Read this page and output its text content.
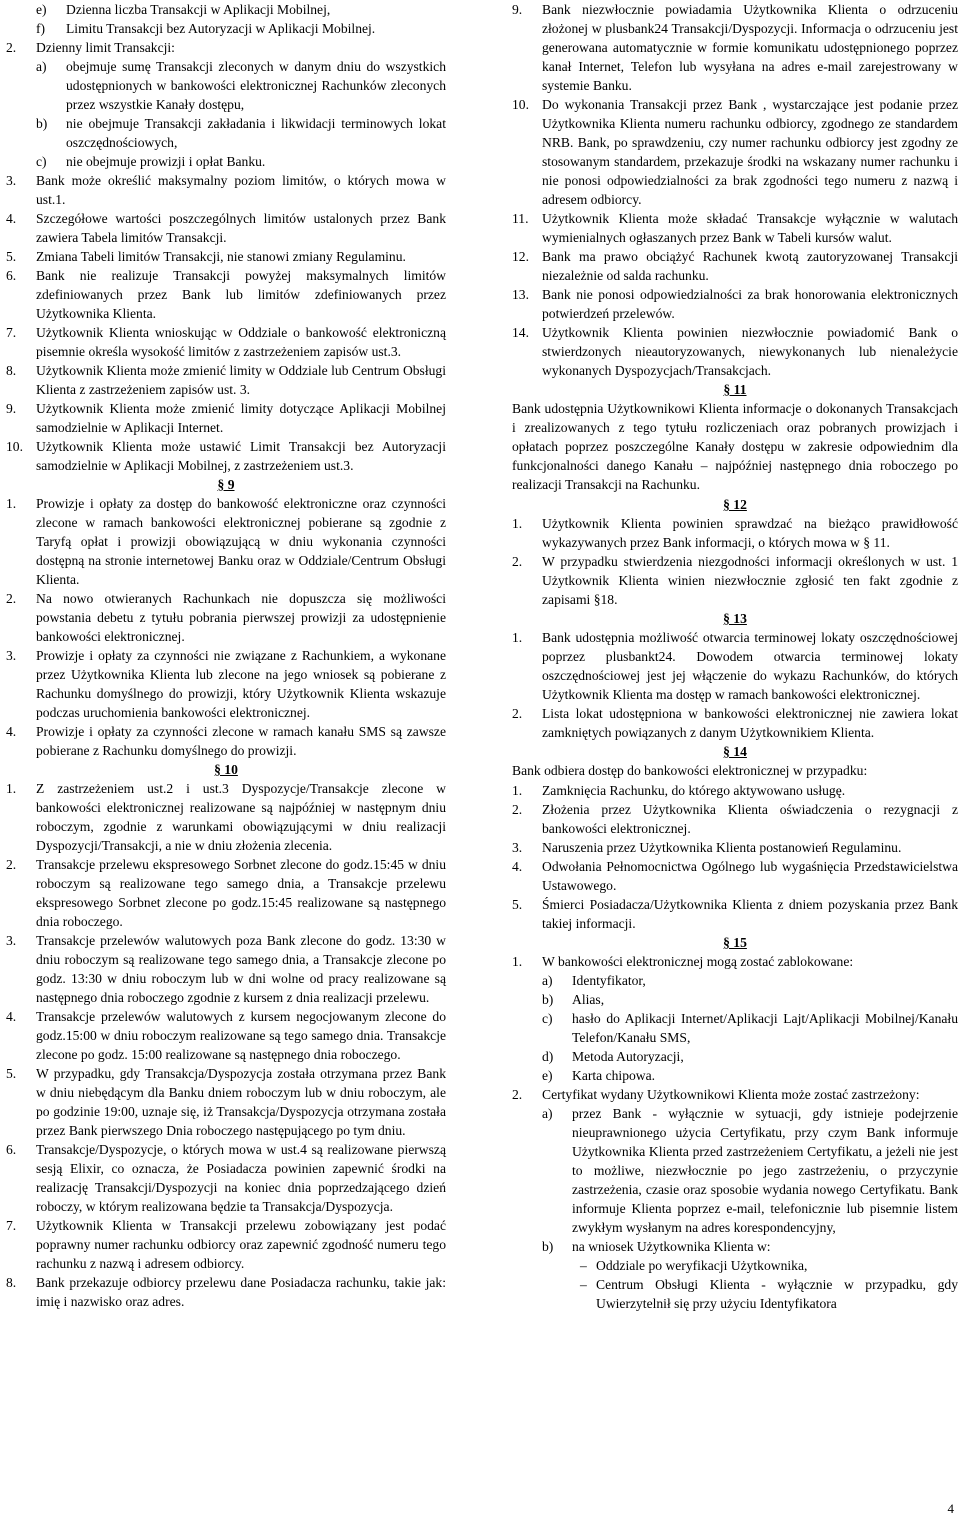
e) Dzienna liczba Transakcji w Aplikacji Mobilnej,
f) Limitu Transakcji bez Autoryzacji w Aplikacji Mobilnej.
2. Dzienny limit Transakcji:
a) obejmuje sumę Transakcji zleconych w danym dniu do wszystkich udostępnionych w bankowości elektronicznej Rachunków zleconych przez wszystkie Kanały dostępu,
b) nie obejmuje Transakcji zakładania i likwidacji terminowych lokat oszczędnościowych,
c) nie obejmuje prowizji i opłat Banku.
3. Bank może określić maksymalny poziom limitów, o których mowa w ust.1.
4. Szczegółowe wartości poszczególnych limitów ustalonych przez Bank zawiera Tabela limitów Transakcji.
5. Zmiana Tabeli limitów Transakcji, nie stanowi zmiany Regulaminu.
6. Bank nie realizuje Transakcji powyżej maksymalnych limitów zdefiniowanych przez Bank lub limitów zdefiniowanych przez Użytkownika Klienta.
7. Użytkownik Klienta wnioskując w Oddziale o bankowość elektroniczną pisemnie określa wysokość limitów z zastrzeżeniem zapisów ust.3.
8. Użytkownik Klienta może zmienić limity w Oddziale lub Centrum Obsługi Klienta z zastrzeżeniem zapisów ust. 3.
9. Użytkownik Klienta może zmienić limity dotyczące Aplikacji Mobilnej samodzielnie w Aplikacji Internet.
10. Użytkownik Klienta może ustawić Limit Transakcji bez Autoryzacji samodzielnie w Aplikacji Mobilnej, z zastrzeżeniem ust.3.
§ 9
1. Prowizje i opłaty za dostęp do bankowość elektroniczne oraz czynności zlecone w ramach bankowości elektronicznej pobierane są zgodnie z Taryfą opłat i prowizji obowiązującą w dniu wykonania czynności dostępną na stronie internetowej Banku oraz w Oddziale/Centrum Obsługi Klienta.
2. Na nowo otwieranych Rachunkach nie dopuszcza się możliwości powstania debetu z tytułu pobrania pierwszej prowizji za udostępnienie bankowości elektronicznej.
3. Prowizje i opłaty za czynności nie związane z Rachunkiem, a wykonane przez Użytkownika Klienta lub zlecone na jego wniosek są pobierane z Rachunku domyślnego do prowizji, który Użytkownik Klienta wskazuje podczas uruchomienia bankowości elektronicznej.
4. Prowizje i opłaty za czynności zlecone w ramach kanału SMS są zawsze pobierane z Rachunku domyślnego do prowizji.
§ 10
1. Z zastrzeżeniem ust.2 i ust.3 Dyspozycje/Transakcje zlecone w bankowości elektronicznej realizowane są najpóźniej w następnym dniu roboczym, zgodnie z warunkami obowiązującymi w dniu realizacji Dyspozycji/Transakcji, a nie w dniu złożenia zlecenia.
2. Transakcje przelewu ekspresowego Sorbnet zlecone do godz.15:45 w dniu roboczym są realizowane tego samego dnia, a Transakcje przelewu ekspresowego Sorbnet zlecone po godz.15:45 realizowane są następnego dnia roboczego.
3. Transakcje przelewów walutowych poza Bank zlecone do godz. 13:30 w dniu roboczym są realizowane tego samego dnia, a Transakcje zlecone po godz. 13:30 w dniu roboczym lub w dni wolne od pracy realizowane są następnego dnia roboczego zgodnie z kursem z dnia realizacji przelewu.
4. Transakcje przelewów walutowych z kursem negocjowanym zlecone do godz.15:00 w dniu roboczym realizowane są tego samego dnia. Transakcje zlecone po godz. 15:00 realizowane są następnego dnia roboczego.
5. W przypadku, gdy Transakcja/Dyspozycja została otrzymana przez Bank w dniu niebędącym dla Banku dniem roboczym lub w dniu roboczym, ale po godzinie 19:00, uznaje się, iż Transakcja/Dyspozycja otrzymana została przez Bank pierwszego Dnia roboczego następującego po tym dniu.
6. Transakcje/Dyspozycje, o których mowa w ust.4 są realizowane pierwszą sesją Elixir, co oznacza, że Posiadacza powinien zapewnić środki na realizację Transakcji/Dyspozycji na koniec dnia poprzedzającego dzień roboczy, w którym realizowana będzie ta Transakcja/Dyspozycja.
7. Użytkownik Klienta w Transakcji przelewu zobowiązany jest podać poprawny numer rachunku odbiorcy oraz zapewnić zgodność numeru tego rachunku z nazwą i adresem odbiorcy.
8. Bank przekazuje odbiorcy przelewu dane Posiadacza rachunku, takie jak: imię i nazwisko oraz adres.
9. Bank niezwłocznie powiadamia Użytkownika Klienta o odrzuceniu złożonej w plusbank24 Transakcji/Dyspozycji. Informacja o odrzuceniu jest generowana automatycznie w formie komunikatu udostępnionego poprzez kanał Internet, Telefon lub wysyłana na adres e-mail zarejestrowany w systemie Banku.
10. Do wykonania Transakcji przez Bank , wystarczające jest podanie przez Użytkownika Klienta numeru rachunku odbiorcy, zgodnego ze standardem NRB. Bank, po sprawdzeniu, czy numer rachunku odbiorcy jest zgodny ze stosowanym standardem, przekazuje środki na wskazany numer rachunku i nie ponosi odpowiedzialności za brak zgodności tego numeru z nazwą i adresem odbiorcy.
11. Użytkownik Klienta może składać Transakcje wyłącznie w walutach wymienialnych ogłaszanych przez Bank w Tabeli kursów walut.
12. Bank ma prawo obciążyć Rachunek kwotą zautoryzowanej Transakcji niezależnie od salda rachunku.
13. Bank nie ponosi odpowiedzialności za brak honorowania elektronicznych potwierdzeń przelewów.
14. Użytkownik Klienta powinien niezwłocznie powiadomić Bank o stwierdzonych nieautoryzowanych, niewykonanych lub nienależycie wykonanych Dyspozycjach/Transakcjach.
§ 11
Bank udostępnia Użytkownikowi Klienta informacje o dokonanych Transakcjach i zrealizowanych z tego tytułu rozliczeniach oraz pobranych prowizjach i opłatach poprzez poszczególne Kanały dostępu w zakresie odpowiednim dla funkcjonalności danego Kanału – najpóźniej następnego dnia roboczego po realizacji Transakcji na Rachunku.
§ 12
1. Użytkownik Klienta powinien sprawdzać na bieżąco prawidłowość wykazywanych przez Bank informacji, o których mowa w § 11.
2. W przypadku stwierdzenia niezgodności informacji określonych w ust. 1 Użytkownik Klienta winien niezwłocznie zgłosić ten fakt zgodnie z zapisami §18.
§ 13
1. Bank udostępnia możliwość otwarcia terminowej lokaty oszczędnościowej poprzez plusbankt24. Dowodem otwarcia terminowej lokaty oszczędnościowej jest jej włączenie do wykazu Rachunków, do których Użytkownik Klienta ma dostęp w ramach bankowości elektronicznej.
2. Lista lokat udostępniona w bankowości elektronicznej nie zawiera lokat zamkniętych powiązanych z danym Użytkownikiem Klienta.
§ 14
Bank odbiera dostęp do bankowości elektronicznej w przypadku:
1. Zamknięcia Rachunku, do którego aktywowano usługę.
2. Złożenia przez Użytkownika Klienta oświadczenia o rezygnacji z bankowości elektronicznej.
3. Naruszenia przez Użytkownika Klienta postanowień Regulaminu.
4. Odwołania Pełnomocnictwa Ogólnego lub wygaśnięcia Przedstawicielstwa Ustawowego.
5. Śmierci Posiadacza/Użytkownika Klienta z dniem pozyskania przez Bank takiej informacji.
§ 15
1. W bankowości elektronicznej mogą zostać zablokowane:
a) Identyfikator,
b) Alias,
c) hasło do Aplikacji Internet/Aplikacji Lajt/Aplikacji Mobilnej/Kanału Telefon/Kanału SMS,
d) Metoda Autoryzacji,
e) Karta chipowa.
2. Certyfikat wydany Użytkownikowi Klienta może zostać zastrzeżony:
a) przez Bank - wyłącznie w sytuacji, gdy istnieje podejrzenie nieuprawnionego użycia Certyfikatu, przy czym Bank informuje Użytkownika Klienta przed zastrzeżeniem Certyfikatu, a jeżeli nie jest to możliwe, niezwłocznie po jego zastrzeżeniu, o przyczynie zastrzeżenia, czasie oraz sposobie wydania nowego Certyfikatu. Bank informuje Klienta poprzez e-mail, telefonicznie lub pisemnie listem zwykłym wysłanym na adres korespondencyjny,
b) na wniosek Użytkownika Klienta w:
– Oddziale po weryfikacji Użytkownika,
– Centrum Obsługi Klienta - wyłącznie w przypadku, gdy Uwierzytelnił się przy użyciu Identyfikatora
4
